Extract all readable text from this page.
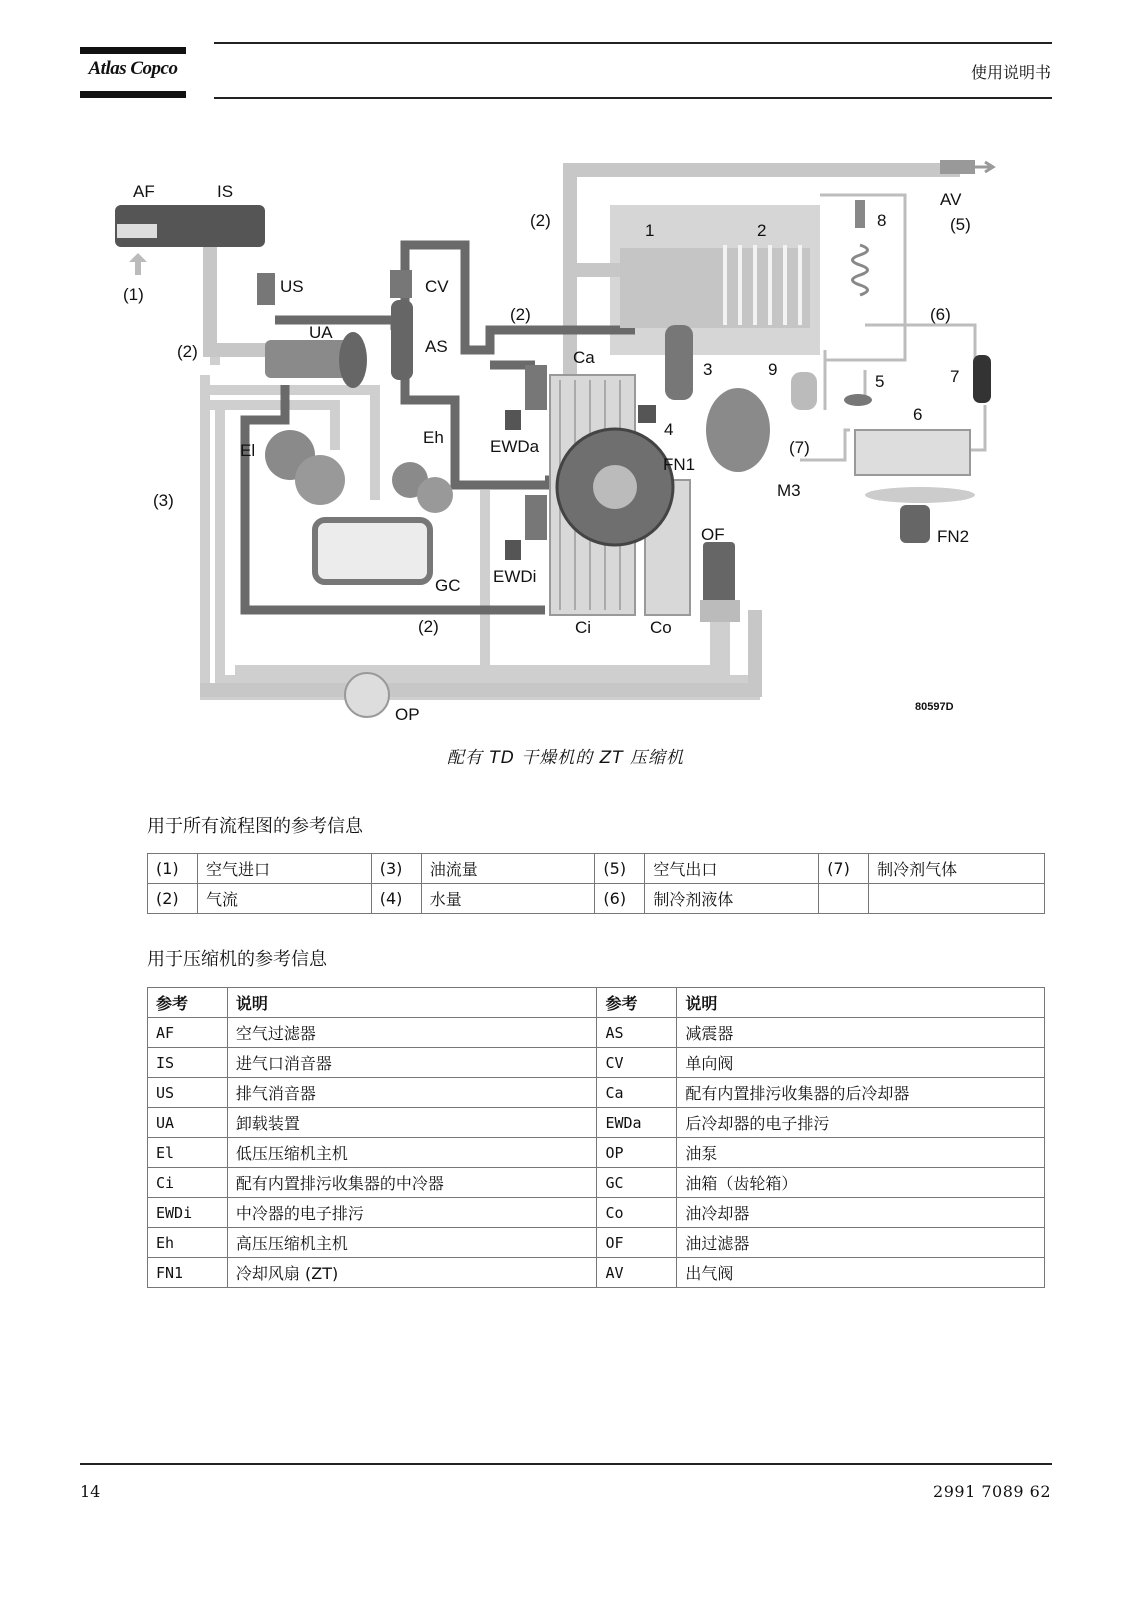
Atlas Copco	使用说明书
AF	IS
(1)
(2)
US
UA
CV
AS
El
Eh
GC
(3)
(2)
EWDa
EWDi
Ca
Ci	Co
OF
FN1
M3
FN2
OP
AV
(5)
(6)
(7)
(2)
(2)
1	2
3
4
5
6
7
8
9
80597D
配有 TD 干燥机的 ZT 压缩机
用于所有流程图的参考信息
(1)	空气进口	(3)	油流量	(5)	空气出口	(7)	制冷剂气体
(2)	气流	(4)	水量	(6)	制冷剂液体		
用于压缩机的参考信息
参考	说明	参考	说明
AF	空气过滤器	AS	减震器
IS	进气口消音器	CV	单向阀
US	排气消音器	Ca	配有内置排污收集器的后冷却器
UA	卸载装置	EWDa	后冷却器的电子排污
El	低压压缩机主机	OP	油泵
Ci	配有内置排污收集器的中冷器	GC	油箱（齿轮箱）
EWDi	中冷器的电子排污	Co	油冷却器
Eh	高压压缩机主机	OF	油过滤器
FN1	冷却风扇 (ZT)	AV	出气阀
14	2991 7089 62
